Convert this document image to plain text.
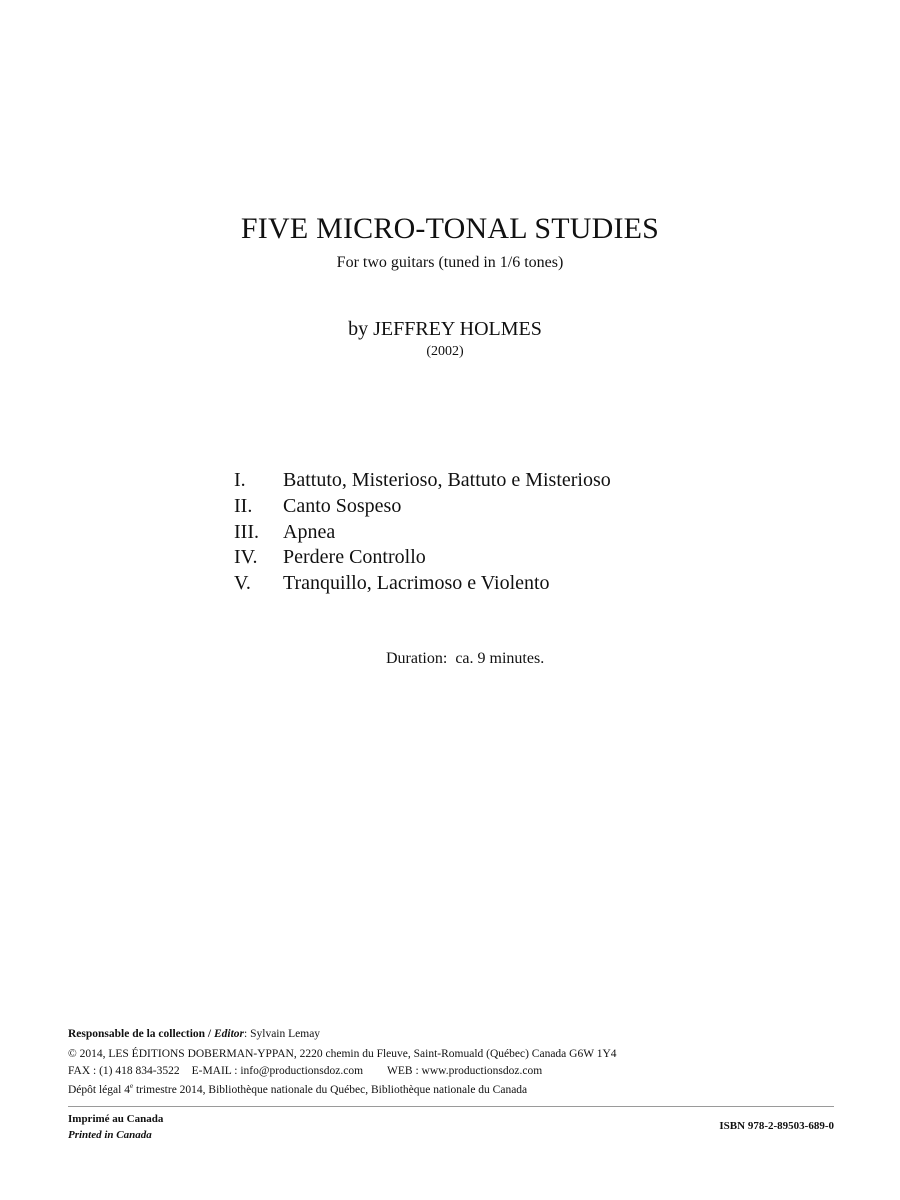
FIVE MICRO-TONAL STUDIES
For two guitars (tuned in 1/6 tones)
by JEFFREY HOLMES
(2002)
I.	Battuto, Misterioso, Battuto e Misterioso
II.	Canto Sospeso
III.	Apnea
IV.	Perdere Controllo
V.	Tranquillo, Lacrimoso e Violento
Duration:  ca. 9 minutes.
Responsable de la collection / Editor: Sylvain Lemay
© 2014, LES ÉDITIONS DOBERMAN-YPPAN, 2220 chemin du Fleuve, Saint-Romuald (Québec) Canada G6W 1Y4
FAX : (1) 418 834-3522 E-MAIL : info@productionsdoz.com WEB : www.productionsdoz.com
Dépôt légal 4e trimestre 2014, Bibliothèque nationale du Québec, Bibliothèque nationale du Canada
Imprimé au Canada
Printed in Canada
ISBN 978-2-89503-689-0
